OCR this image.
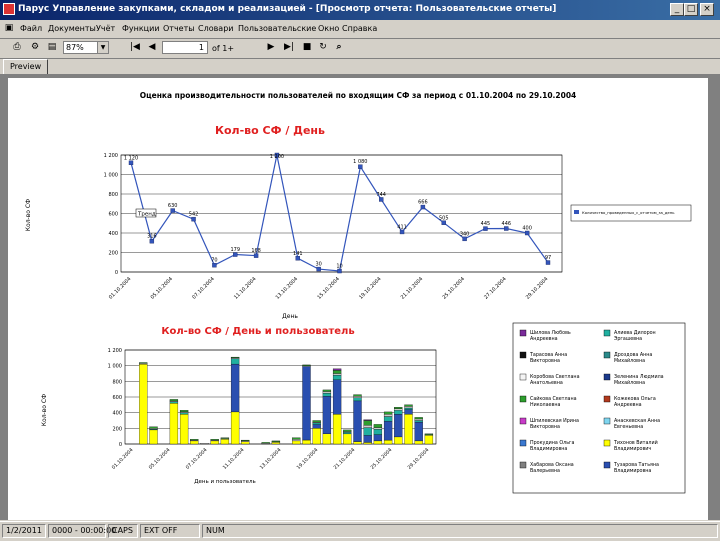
Парус Управление закупками, складом и реализацией - [Просмотр отчета: Пользовательские отчеты]	_ □ ×
▣ Файл Документы Учёт Функции Отчеты Словари Пользовательские Окно Справка
⎙	⚙ ▤	87%	▼	|◀ ◀	1	of 1+	▶	▶| ■ ↻	⌕
Preview
Оценка производительности пользователей по входящим СФ за период с 01.10.2004 по 29.10.2004
Кол-во СФ / День
Кол-во СФ
День
0
200
400
600
800
1 000
1 200
01.10.2004	05.10.2004	07.10.2004	11.10.2004	13.10.2004	15.10.2004	19.10.2004	21.10.2004	25.10.2004	27.10.2004	29.10.2004
1 120
316
630
542
70
179 168
1 200
141
30	10
1 080
744
411
666
505
340
445 446
400
97
Тренд	Количество_проведенных_с_отчетом_за_день
Кол-во СФ / День и пользователь
Кол-во СФ
День и пользователь
0
200
400
600
800
1 000
1 200
01.10.2004	05.10.2004	07.10.2004	11.10.2004	13.10.2004	19.10.2004	21.10.2004	25.10.2004	29.10.2004
Шилова Любовь Андреевна
Алиева Дилорон Эргашевна
Тарасова Анна Викторовна
Дроздова Анна Михайловна
Коробова Светлана Анатольевна
Зеленина Людмила Михайловна
Сайкова Светлана Николаевна
Кожекова Ольга Андреевна
Шпилевская Ирина Викторовна
Анаскевская Анна Евгеньевна
Прокудина Ольга Владимировна
Тихонов Виталий Владимирович
Хабарова Оксана Валерьевна
Тузарова Татьяна Владимировна
1/2/2011	0000 - 00:00:00
CAPS	EXT OFF	NUM
